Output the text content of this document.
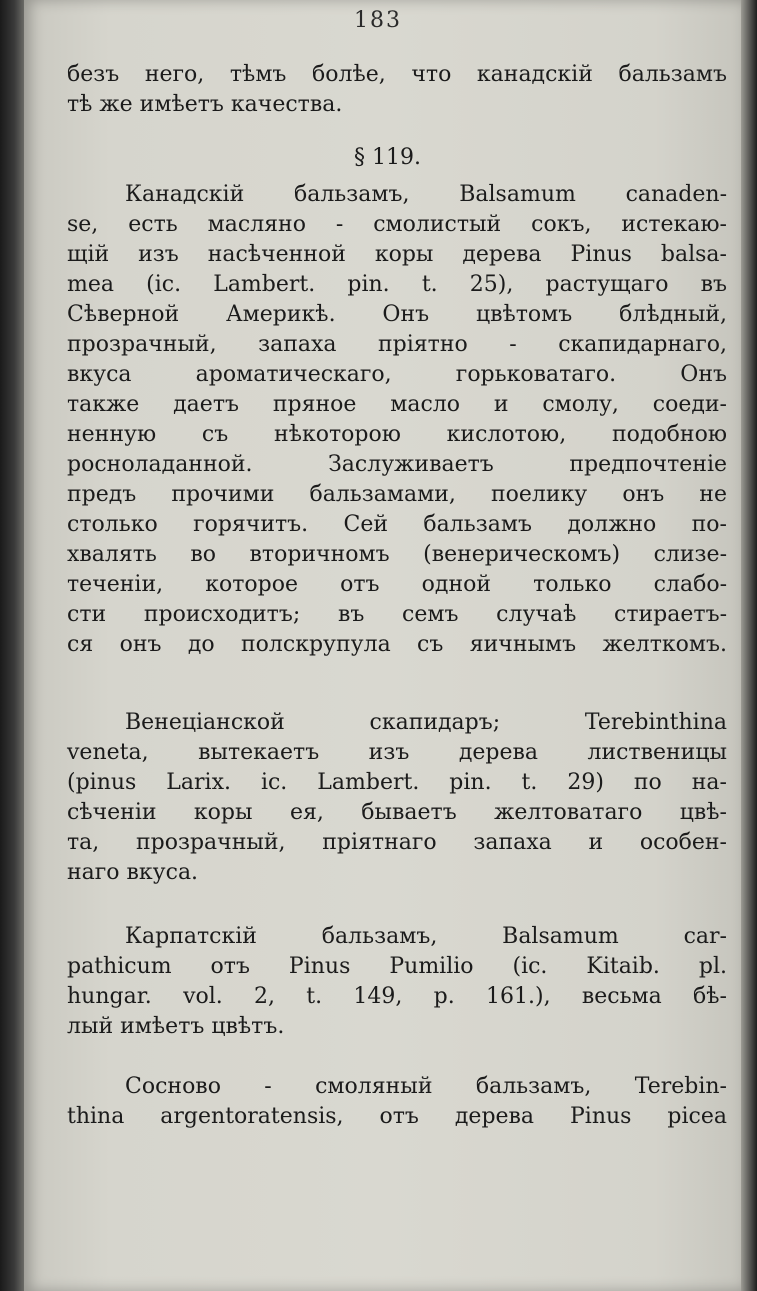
183
безъ него, тѣмъ болѣе, что канадскій бальзамъ
тѣ же имѣетъ качества.
§ 119.
Канадскій бальзамъ, Balsamum canaden-
se, есть масляно - смолистый сокъ, истекаю-
щій изъ насѣченной коры дерева Pinus balsa-
mea (ic. Lambert. pin. t. 25), растущаго въ
Сѣверной Америкѣ. Онъ цвѣтомъ блѣдный,
прозрачный, запаха пріятно - скапидарнаго,
вкуса ароматическаго, горьковатаго. Онъ
также даетъ пряное масло и смолу, соеди-
ненную съ нѣкоторою кислотою, подобною
росноладанной. Заслуживаетъ предпочтеніе
предъ прочими бальзамами, поелику онъ не
столько горячитъ. Сей бальзамъ должно по-
хвалять во вторичномъ (венерическомъ) слизе-
теченіи, которое отъ одной только слабо-
сти происходитъ; въ семъ случаѣ стираетъ-
ся онъ до полскрупула съ яичнымъ желткомъ.
Венеціанской скапидаръ; Terebinthina
veneta, вытекаетъ изъ дерева лиственицы
(pinus Larix. ic. Lambert. pin. t. 29) по на-
сѣченіи коры ея, бываетъ желтоватаго цвѣ-
та, прозрачный, пріятнаго запаха и особен-
наго вкуса.
Карпатскій бальзамъ, Balsamum car-
pathicum отъ Pinus Pumilio (ic. Kitaib. pl.
hungar. vol. 2, t. 149, p. 161.), весьма бѣ-
лый имѣетъ цвѣтъ.
Сосново - смоляный бальзамъ, Terebin-
thina argentoratensis, отъ дерева Pinus picea
